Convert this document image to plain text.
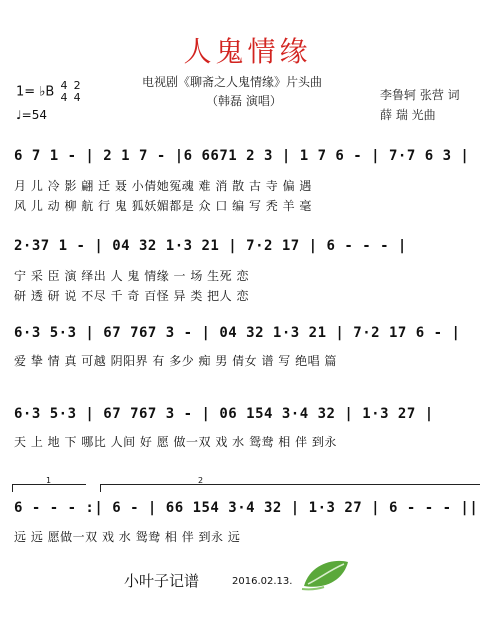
人鬼情缘
电视剧《聊斋之人鬼情缘》片头曲
（韩磊 演唱）	李鲁轲 张营 词
薛 瑞 光曲
1= ♭B 4
4

2
4
♩=54
6 7 1 - | 2 1 7 - |6 6671 2 3 | 1 7 6 - | 7·7 6 3 |
月 儿 冷 影 翩 迁 聂 小倩她冤魂 难 消 散 古 寺 偏 遇
风 儿 动 柳 航 行 鬼 狐妖媚都是 众 口 编 写 秃 羊 毫
2·37 1 - | 04 32 1·3 21 | 7·2 17 | 6 - - - |
宁 采 臣 演 绎出 人 鬼 情缘 一 场 生死 恋
研 透 研 说 不尽 千 奇 百怪 异 类 把人 恋
6·3 5·3 | 67 767 3 - | 04 32 1·3 21 | 7·2 17 6 - |
爱 挚 情 真 可越 阴阳界 有 多少 痴 男 倩女 谱 写 绝唱 篇
6·3 5·3 | 67 767 3 - | 06 154 3·4 32 | 1·3 27 |
天 上 地 下 哪比 人间 好 愿 做一双 戏 水 鸳鸯 相 伴 到永
1	2
6 - - - :| 6 - | 66 154 3·4 32 | 1·3 27 | 6 - - - ||
远 远 愿做一双 戏 水 鸳鸯 相 伴 到永 远
小叶子记谱	2016.02.13.
